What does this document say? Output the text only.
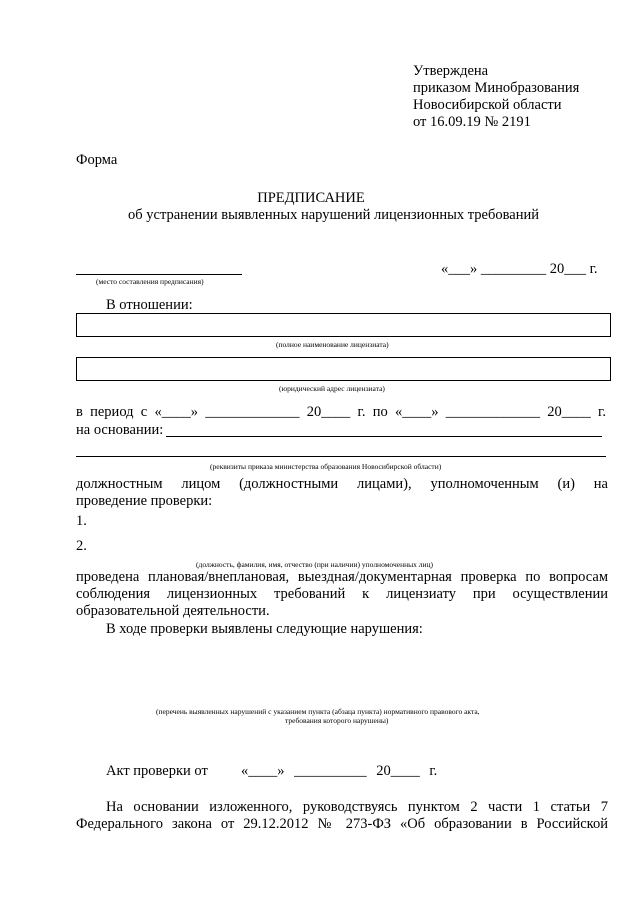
Утверждена
приказом Минобразования
Новосибирской области
от 16.09.19 № 2191
Форма
ПРЕДПИСАНИЕ
об устранении выявленных нарушений лицензионных требований
(место составления предписания)
«___» _________ 20___ г.
В отношении:
(полное наименование лицензиата)
(юридический адрес лицензиата)
в период с «____» _____________ 20____ г. по «____» _____________ 20____ г.
на основании:
(реквизиты приказа министерства образования Новосибирской области)
должностным лицом (должностными лицами), уполномоченным (и) на
проведение проверки:
1.
2.
(должность, фамилия, имя, отчество (при наличии) уполномоченных лиц)
проведена плановая/внеплановая, выездная/документарная проверка по вопросам
соблюдения лицензионных требований к лицензиату при осуществлении
образовательной деятельности.
В ходе проверки выявлены следующие нарушения:
(перечень выявленных нарушений с указанием пункта (абзаца пункта) нормативного правового акта,
требования которого нарушены)
Акт проверки от «____» __________ 20____ г.
На основании изложенного, руководствуясь пунктом 2 части 1 статьи 7
Федерального закона от 29.12.2012 № 273-ФЗ «Об образовании в Российской
